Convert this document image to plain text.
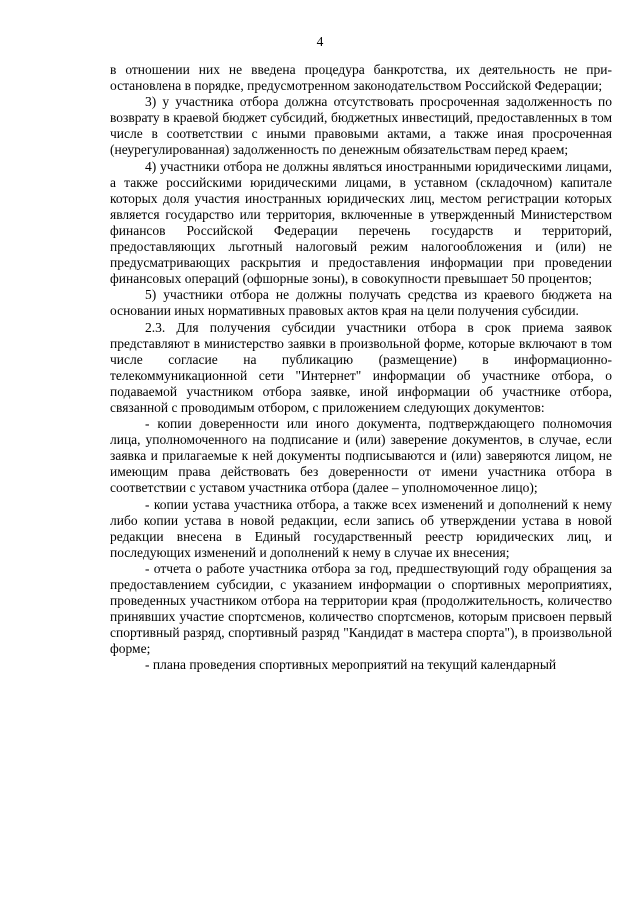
4

в отношении них не введена процедура банкротства, их деятельность не приостановлена в порядке, предусмотренном законодательством Российской Федерации;

3) у участника отбора должна отсутствовать просроченная задолженность по возврату в краевой бюджет субсидий, бюджетных инвестиций, предоставленных в том числе в соответствии с иными правовыми актами, а также иная просроченная (неурегулированная) задолженность по денежным обязательствам перед краем;

4) участники отбора не должны являться иностранными юридическими лицами, а также российскими юридическими лицами, в уставном (складочном) капитале которых доля участия иностранных юридических лиц, местом регистрации которых является государство или территория, включенные в утвержденный Министерством финансов Российской Федерации перечень государств и территорий, предоставляющих льготный налоговый режим налогообложения и (или) не предусматривающих раскрытия и предоставления информации при проведении финансовых операций (офшорные зоны), в совокупности превышает 50 процентов;

5) участники отбора не должны получать средства из краевого бюджета на основании иных нормативных правовых актов края на цели получения субсидии.

2.3. Для получения субсидии участники отбора в срок приема заявок представляют в министерство заявки в произвольной форме, которые включают в том числе согласие на публикацию (размещение) в информационно-телекоммуникационной сети "Интернет" информации об участнике отбора, о подаваемой участником отбора заявке, иной информации об участнике отбора, связанной с проводимым отбором, с приложением следующих документов:

- копии доверенности или иного документа, подтверждающего полномочия лица, уполномоченного на подписание и (или) заверение документов, в случае, если заявка и прилагаемые к ней документы подписываются и (или) заверяются лицом, не имеющим права действовать без доверенности от имени участника отбора в соответствии с уставом участника отбора (далее – уполномоченное лицо);

- копии устава участника отбора, а также всех изменений и дополнений к нему либо копии устава в новой редакции, если запись об утверждении устава в новой редакции внесена в Единый государственный реестр юридических лиц, и последующих изменений и дополнений к нему в случае их внесения;

- отчета о работе участника отбора за год, предшествующий году обращения за предоставлением субсидии, с указанием информации о спортивных мероприятиях, проведенных участником отбора на территории края (продолжительность, количество принявших участие спортсменов, количество спортсменов, которым присвоен первый спортивный разряд, спортивный разряд "Кандидат в мастера спорта"), в произвольной форме;

- плана проведения спортивных мероприятий на текущий календарный
